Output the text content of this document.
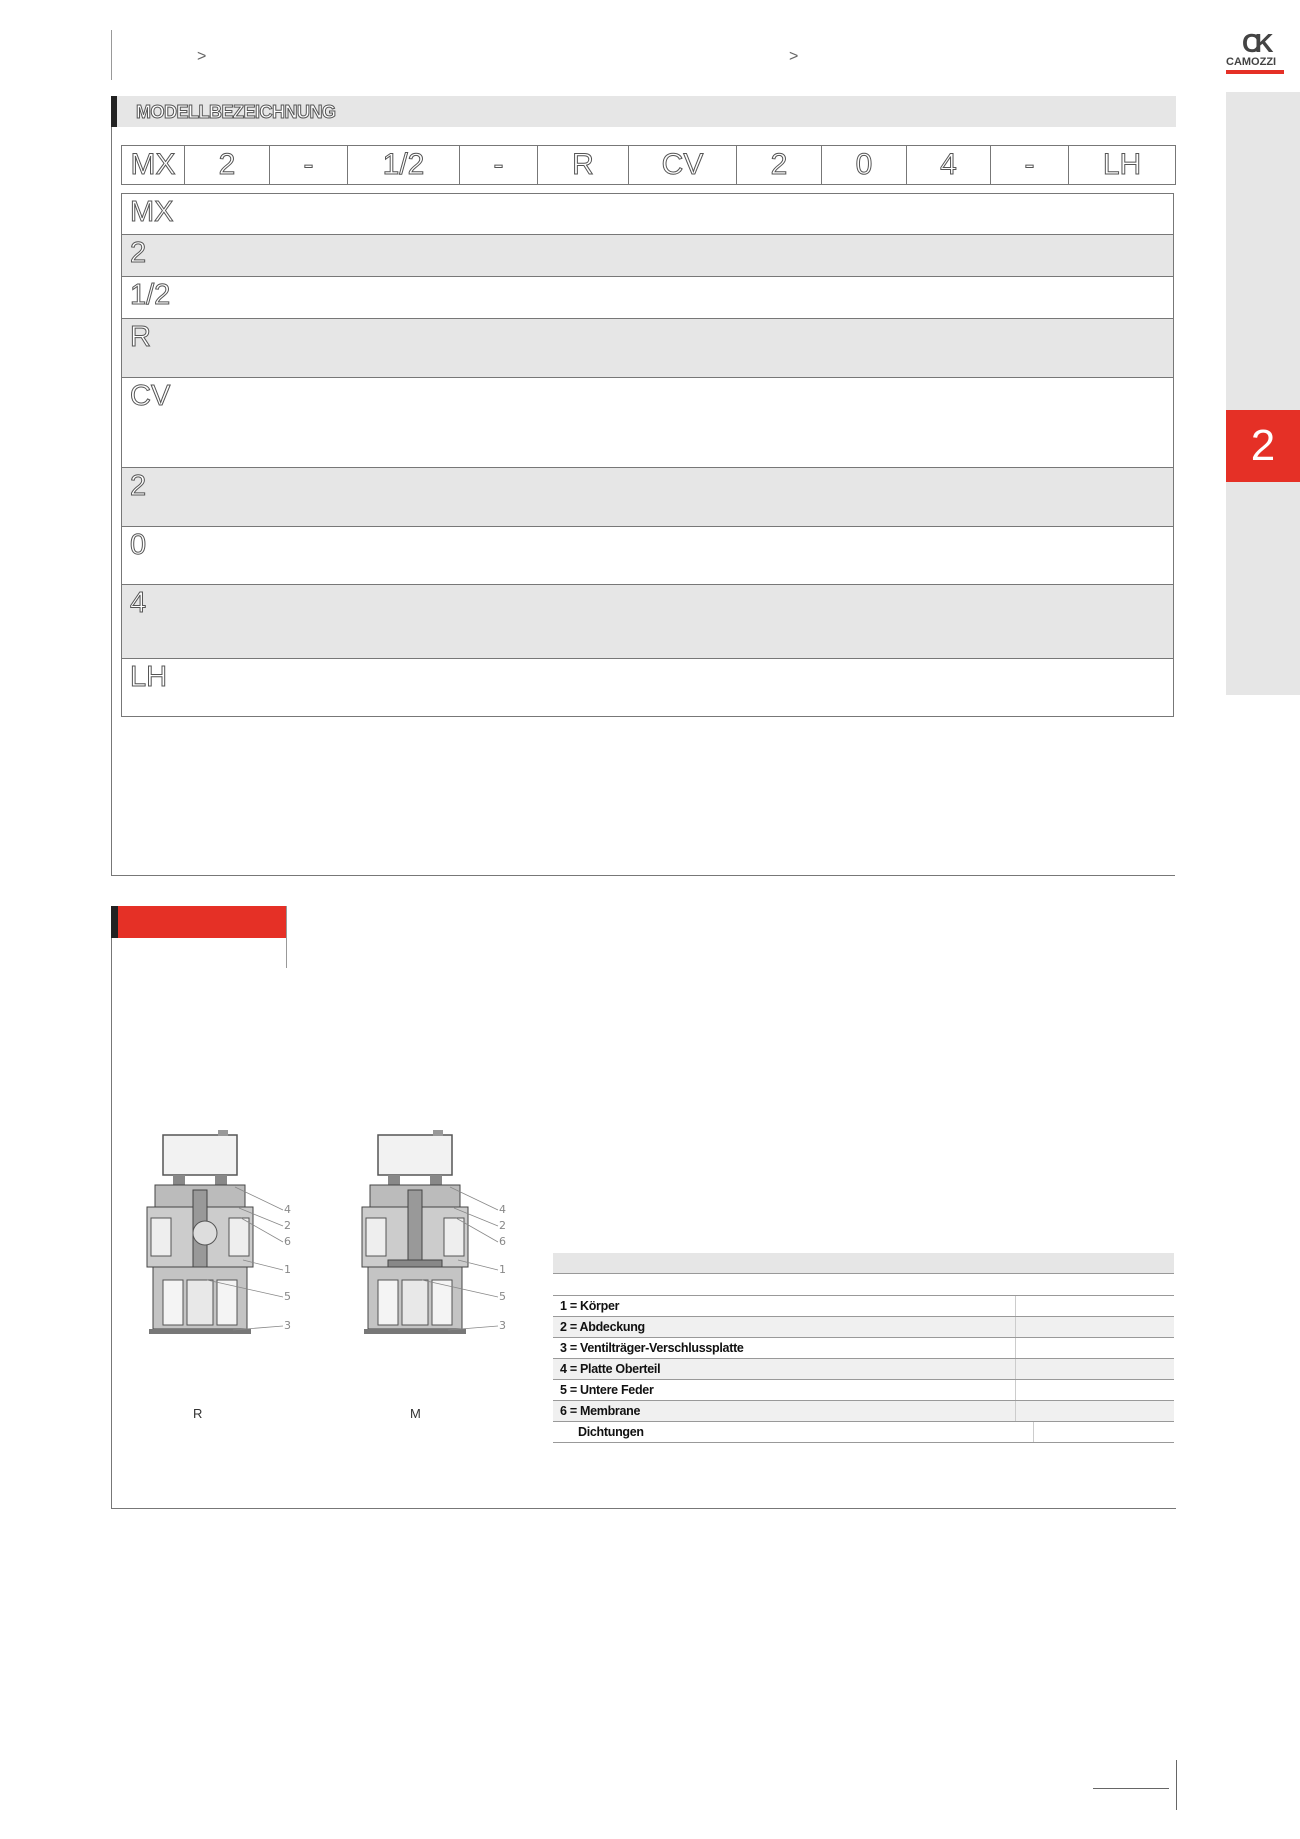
>	>	CK
CAMOZZI
2
MODELLBEZEICHNUNG
MX	2	-	1/2	-	R	CV	2	0	4	-	LH
MX
2
1/2
R
CV
2
0
4
LH
4
2
6
1
5
3
4
2
6
1
5
3
R	M
1 = Körper
2 = Abdeckung
3 = Ventilträger-Verschlussplatte
4 = Platte Oberteil
5 = Untere Feder
6 = Membrane
Dichtungen
